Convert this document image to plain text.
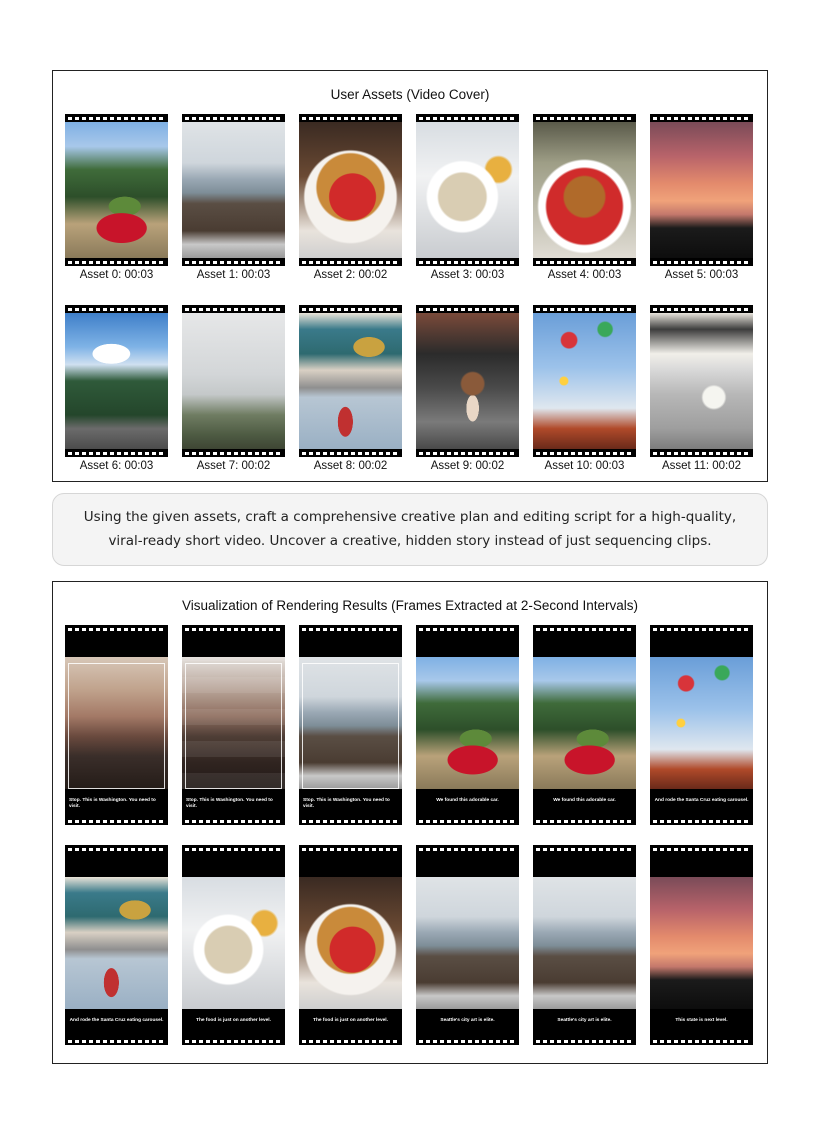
User Assets (Video Cover)
Asset 0: 00:03	Asset 1: 00:03	Asset 2: 00:02	Asset 3: 00:03	Asset 4: 00:03	Asset 5: 00:03
Asset 6: 00:03	Asset 7: 00:02	Asset 8: 00:02	Asset 9: 00:02	Asset 10: 00:03	Asset 11: 00:02
Using the given assets, craft a comprehensive creative plan and editing script for a high-quality,
viral-ready short video. Uncover a creative, hidden story instead of just sequencing clips.
Visualization of Rendering Results (Frames Extracted at 2-Second Intervals)
Stop. This is Washington. You need to visit.
Stop. This is Washington. You need to visit.
Stop. This is Washington. You need to visit.
We found this adorable car.	We found this adorable car.	And rode the Santa Cruz eating carousel.
And rode the Santa Cruz eating carousel.	The food is just on another level.	The food is just on another level.	Seattle's city art is elite.	Seattle's city art is elite.	This state is next level.
